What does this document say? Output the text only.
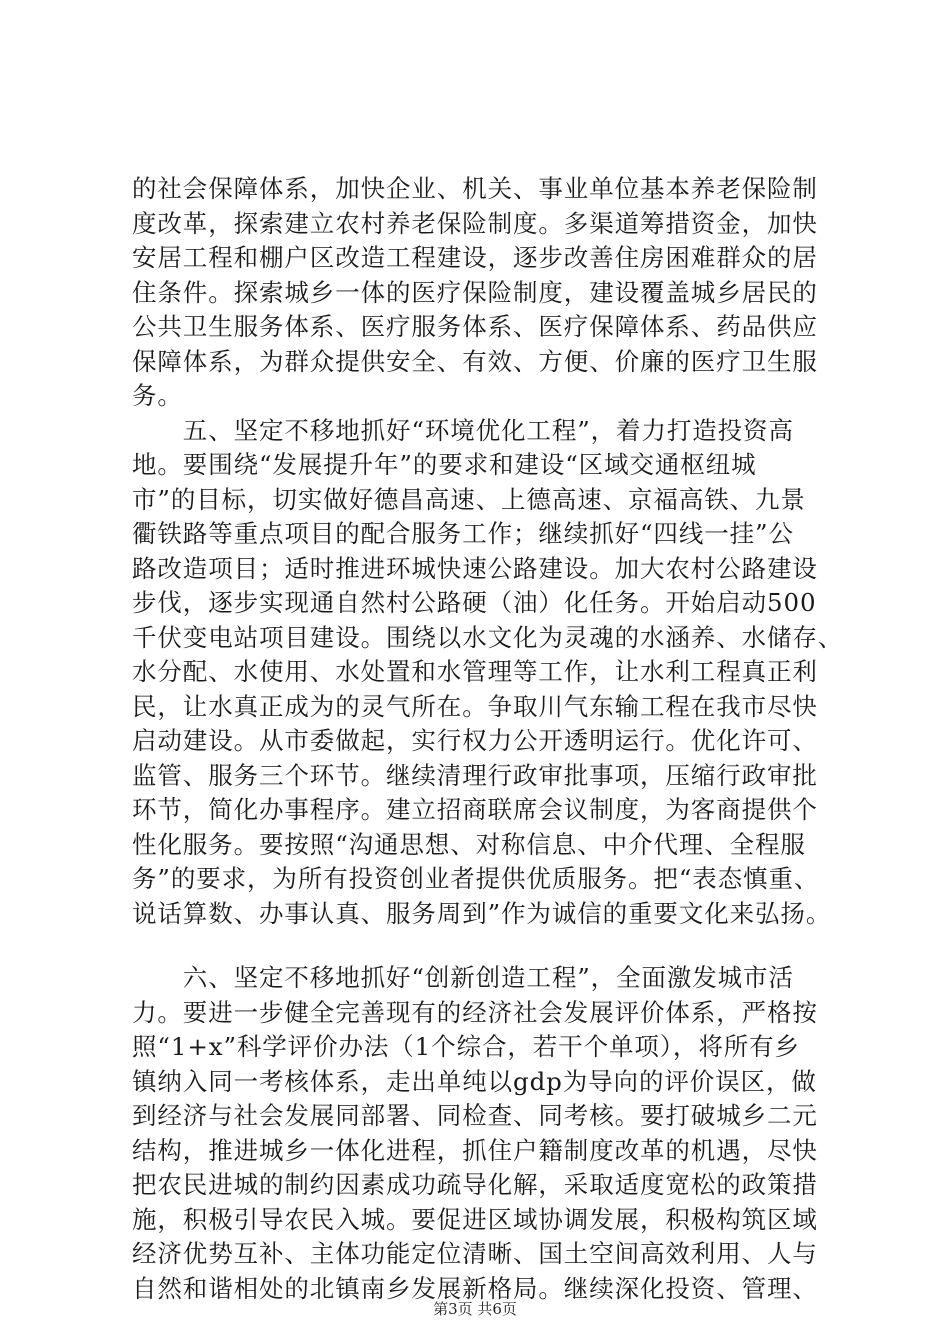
的社会保障体系，加快企业、机关、事业单位基本养老保险制
度改革，探索建立农村养老保险制度。多渠道筹措资金，加快
安居工程和棚户区改造工程建设，逐步改善住房困难群众的居
住条件。探索城乡一体的医疗保险制度，建设覆盖城乡居民的
公共卫生服务体系、医疗服务体系、医疗保障体系、药品供应
保障体系，为群众提供安全、有效、方便、价廉的医疗卫生服
务。
　　五、坚定不移地抓好“环境优化工程”，着力打造投资高
地。要围绕“发展提升年”的要求和建设“区域交通枢纽城
市”的目标，切实做好德昌高速、上德高速、京福高铁、九景
衢铁路等重点项目的配合服务工作；继续抓好“四线一挂”公
路改造项目；适时推进环城快速公路建设。加大农村公路建设
步伐，逐步实现通自然村公路硬（油）化任务。开始启动500
千伏变电站项目建设。围绕以水文化为灵魂的水涵养、水储存、
水分配、水使用、水处置和水管理等工作，让水利工程真正利
民，让水真正成为的灵气所在。争取川气东输工程在我市尽快
启动建设。从市委做起，实行权力公开透明运行。优化许可、
监管、服务三个环节。继续清理行政审批事项，压缩行政审批
环节，简化办事程序。建立招商联席会议制度，为客商提供个
性化服务。要按照“沟通思想、对称信息、中介代理、全程服
务”的要求，为所有投资创业者提供优质服务。把“表态慎重、
说话算数、办事认真、服务周到”作为诚信的重要文化来弘扬。
　　六、坚定不移地抓好“创新创造工程”，全面激发城市活
力。要进一步健全完善现有的经济社会发展评价体系，严格按
照“1+x”科学评价办法（1个综合，若干个单项），将所有乡
镇纳入同一考核体系，走出单纯以gdp为导向的评价误区，做
到经济与社会发展同部署、同检查、同考核。要打破城乡二元
结构，推进城乡一体化进程，抓住户籍制度改革的机遇，尽快
把农民进城的制约因素成功疏导化解，采取适度宽松的政策措
施，积极引导农民入城。要促进区域协调发展，积极构筑区域
经济优势互补、主体功能定位清晰、国土空间高效利用、人与
自然和谐相处的北镇南乡发展新格局。继续深化投资、管理、
第3页 共6页
